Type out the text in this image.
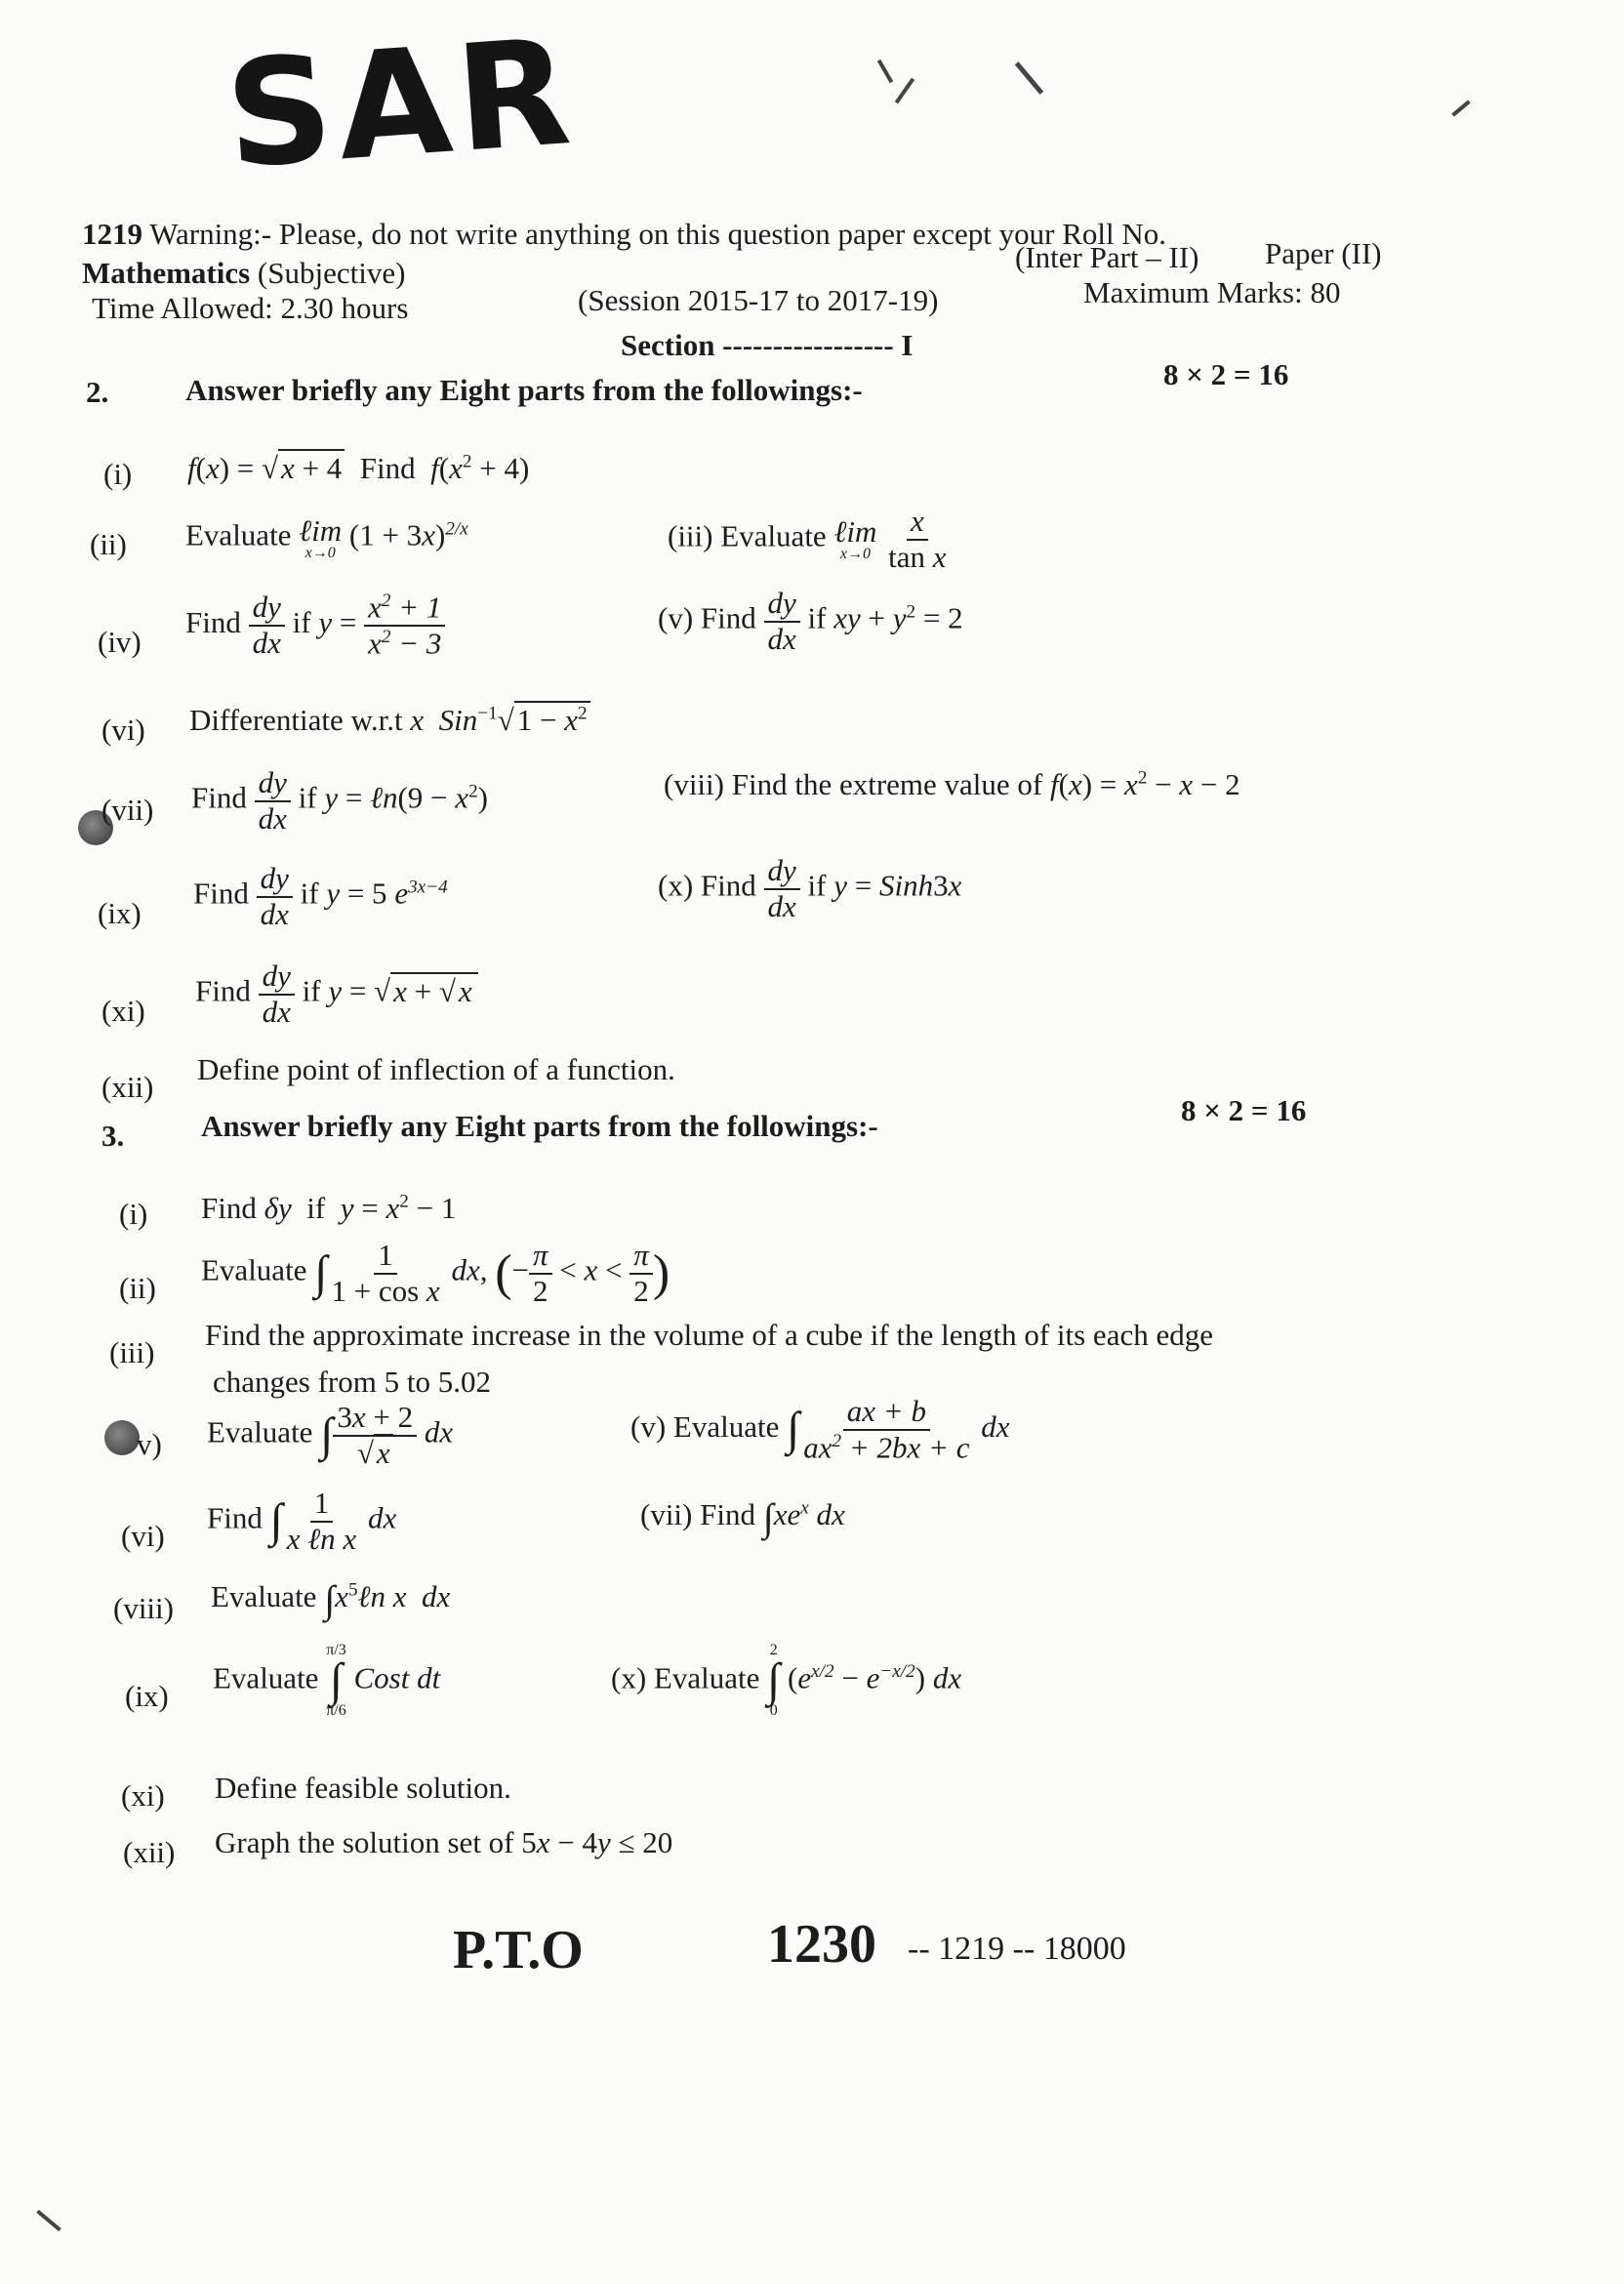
SAR
1219 Warning:- Please, do not write anything on this question paper except your Roll No.
Mathematics (Subjective)	(Inter Part – II) Paper (II)
Time Allowed: 2.30 hours	(Session 2015-17 to 2017-19)	Maximum Marks: 80
Section ----------------- I
2.	Answer briefly any Eight parts from the followings:-	8 × 2 = 16
(i) f(x) = √x + 4 Find $f(x^2 + 4)$
(ii) Evaluate ℓim
x→0
$(1 + 3x)^{2/x}$	(iii) Evaluate ℓim
x→0
$\frac{x}{\text{tan x}}$
(iv)
Find $\frac{dy}{dx}$ if $y = \frac{x^2 + 1}{x^2 - 3}$	(v) Find $\frac{dy}{dx}$ if xy + $y^2 = 2$
(vi) Differentiate w.r.t x $Sin^{-1}√1 - x^2$
(vii) Find $\frac{dy}{dx}$ if y = ℓn(9 − $x^2$)	(viii) Find the extreme value of $f(x) = x^2 - x - 2$
(ix)
Find $\frac{dy}{dx}$ if y = 5 $e^{3x-4}$	(x) Find $\frac{dy}{dx}$ if y = Sinh3x
(xi)
Find $\frac{dy}{dx}$ if y = √x + √x
(xii)
Define point of inflection of a function.
3.	Answer briefly any Eight parts from the followings:-	8 × 2 = 16
(i) Find δy  if  $y = x^2 - 1$
(ii)
Evaluate ∫ $\frac{1}{\text{1 + cos x}}$ dx, (− $\frac{\pi}{2} < x < \frac{\pi}{2}$ )
(iii)
Find the approximate increase in the volume of a cube if the length of its each edge
changes from 5 to 5.02
v) Evaluate ∫ $\frac{3x + 2}{√x}$ dx	(v) Evaluate ∫ $\frac{ax + b}{ax^2 + 2bx + c}$ dx
(vi)
Find ∫ $\frac{1}{\text{x ℓn x}}$ dx	(vii) Find $\int xe^x$ dx
(viii) Evaluate $\int x^5\ell n$ x dx
(ix)
Evaluate
π/3
∫
π/6
Cost dt	(x) Evaluate
2
∫
0
$(e^{x/2} - e^{-x/2})$ dx
(xi) Define feasible solution.
(xii) Graph the solution set of 5x − 4y ≤ 20
P.T.O	1230 -- 1219 -- 18000
